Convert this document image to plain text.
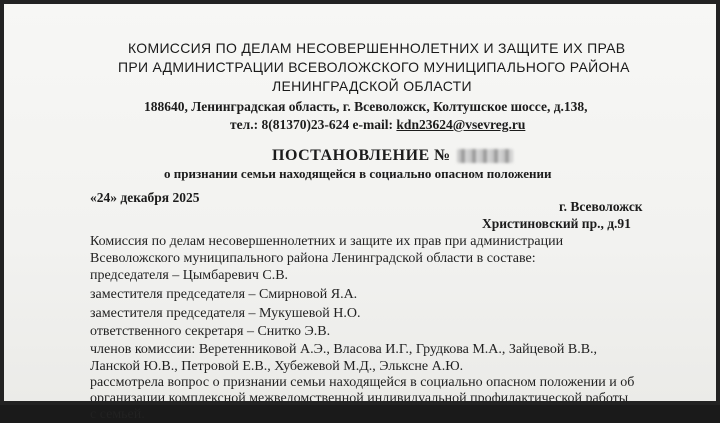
КОМИССИЯ ПО ДЕЛАМ НЕСОВЕРШЕННОЛЕТНИХ И ЗАЩИТЕ ИХ ПРАВ
ПРИ АДМИНИСТРАЦИИ ВСЕВОЛОЖСКОГО МУНИЦИПАЛЬНОГО РАЙОНА
ЛЕНИНГРАДСКОЙ ОБЛАСТИ
188640, Ленинградская область, г. Всеволожск, Колтушское шоссе, д.138,
тел.: 8(81370)23-624 e-mail: kdn23624@vsevreg.ru
ПОСТАНОВЛЕНИЕ №
о признании семьи находящейся в социально опасном положении
«24» декабря 2025
г. Всеволожск
Христиновский пр., д.91
Комиссия по делам несовершеннолетних и защите их прав при администрации
Всеволожского муниципального района Ленинградской области в составе:
председателя – Цымбаревич С.В.
заместителя председателя – Смирновой Я.А.
заместителя председателя – Мукушевой Н.О.
ответственного секретаря – Снитко Э.В.
членов комиссии: Веретенниковой А.Э., Власова И.Г., Грудкова М.А., Зайцевой В.В.,
Ланской Ю.В., Петровой Е.В., Хубежевой М.Д., Элькснe А.Ю.
рассмотрела вопрос о признании семьи находящейся в социально опасном положении и об
организации комплексной межведомственной индивидуальной профилактической работы
с семьей.
